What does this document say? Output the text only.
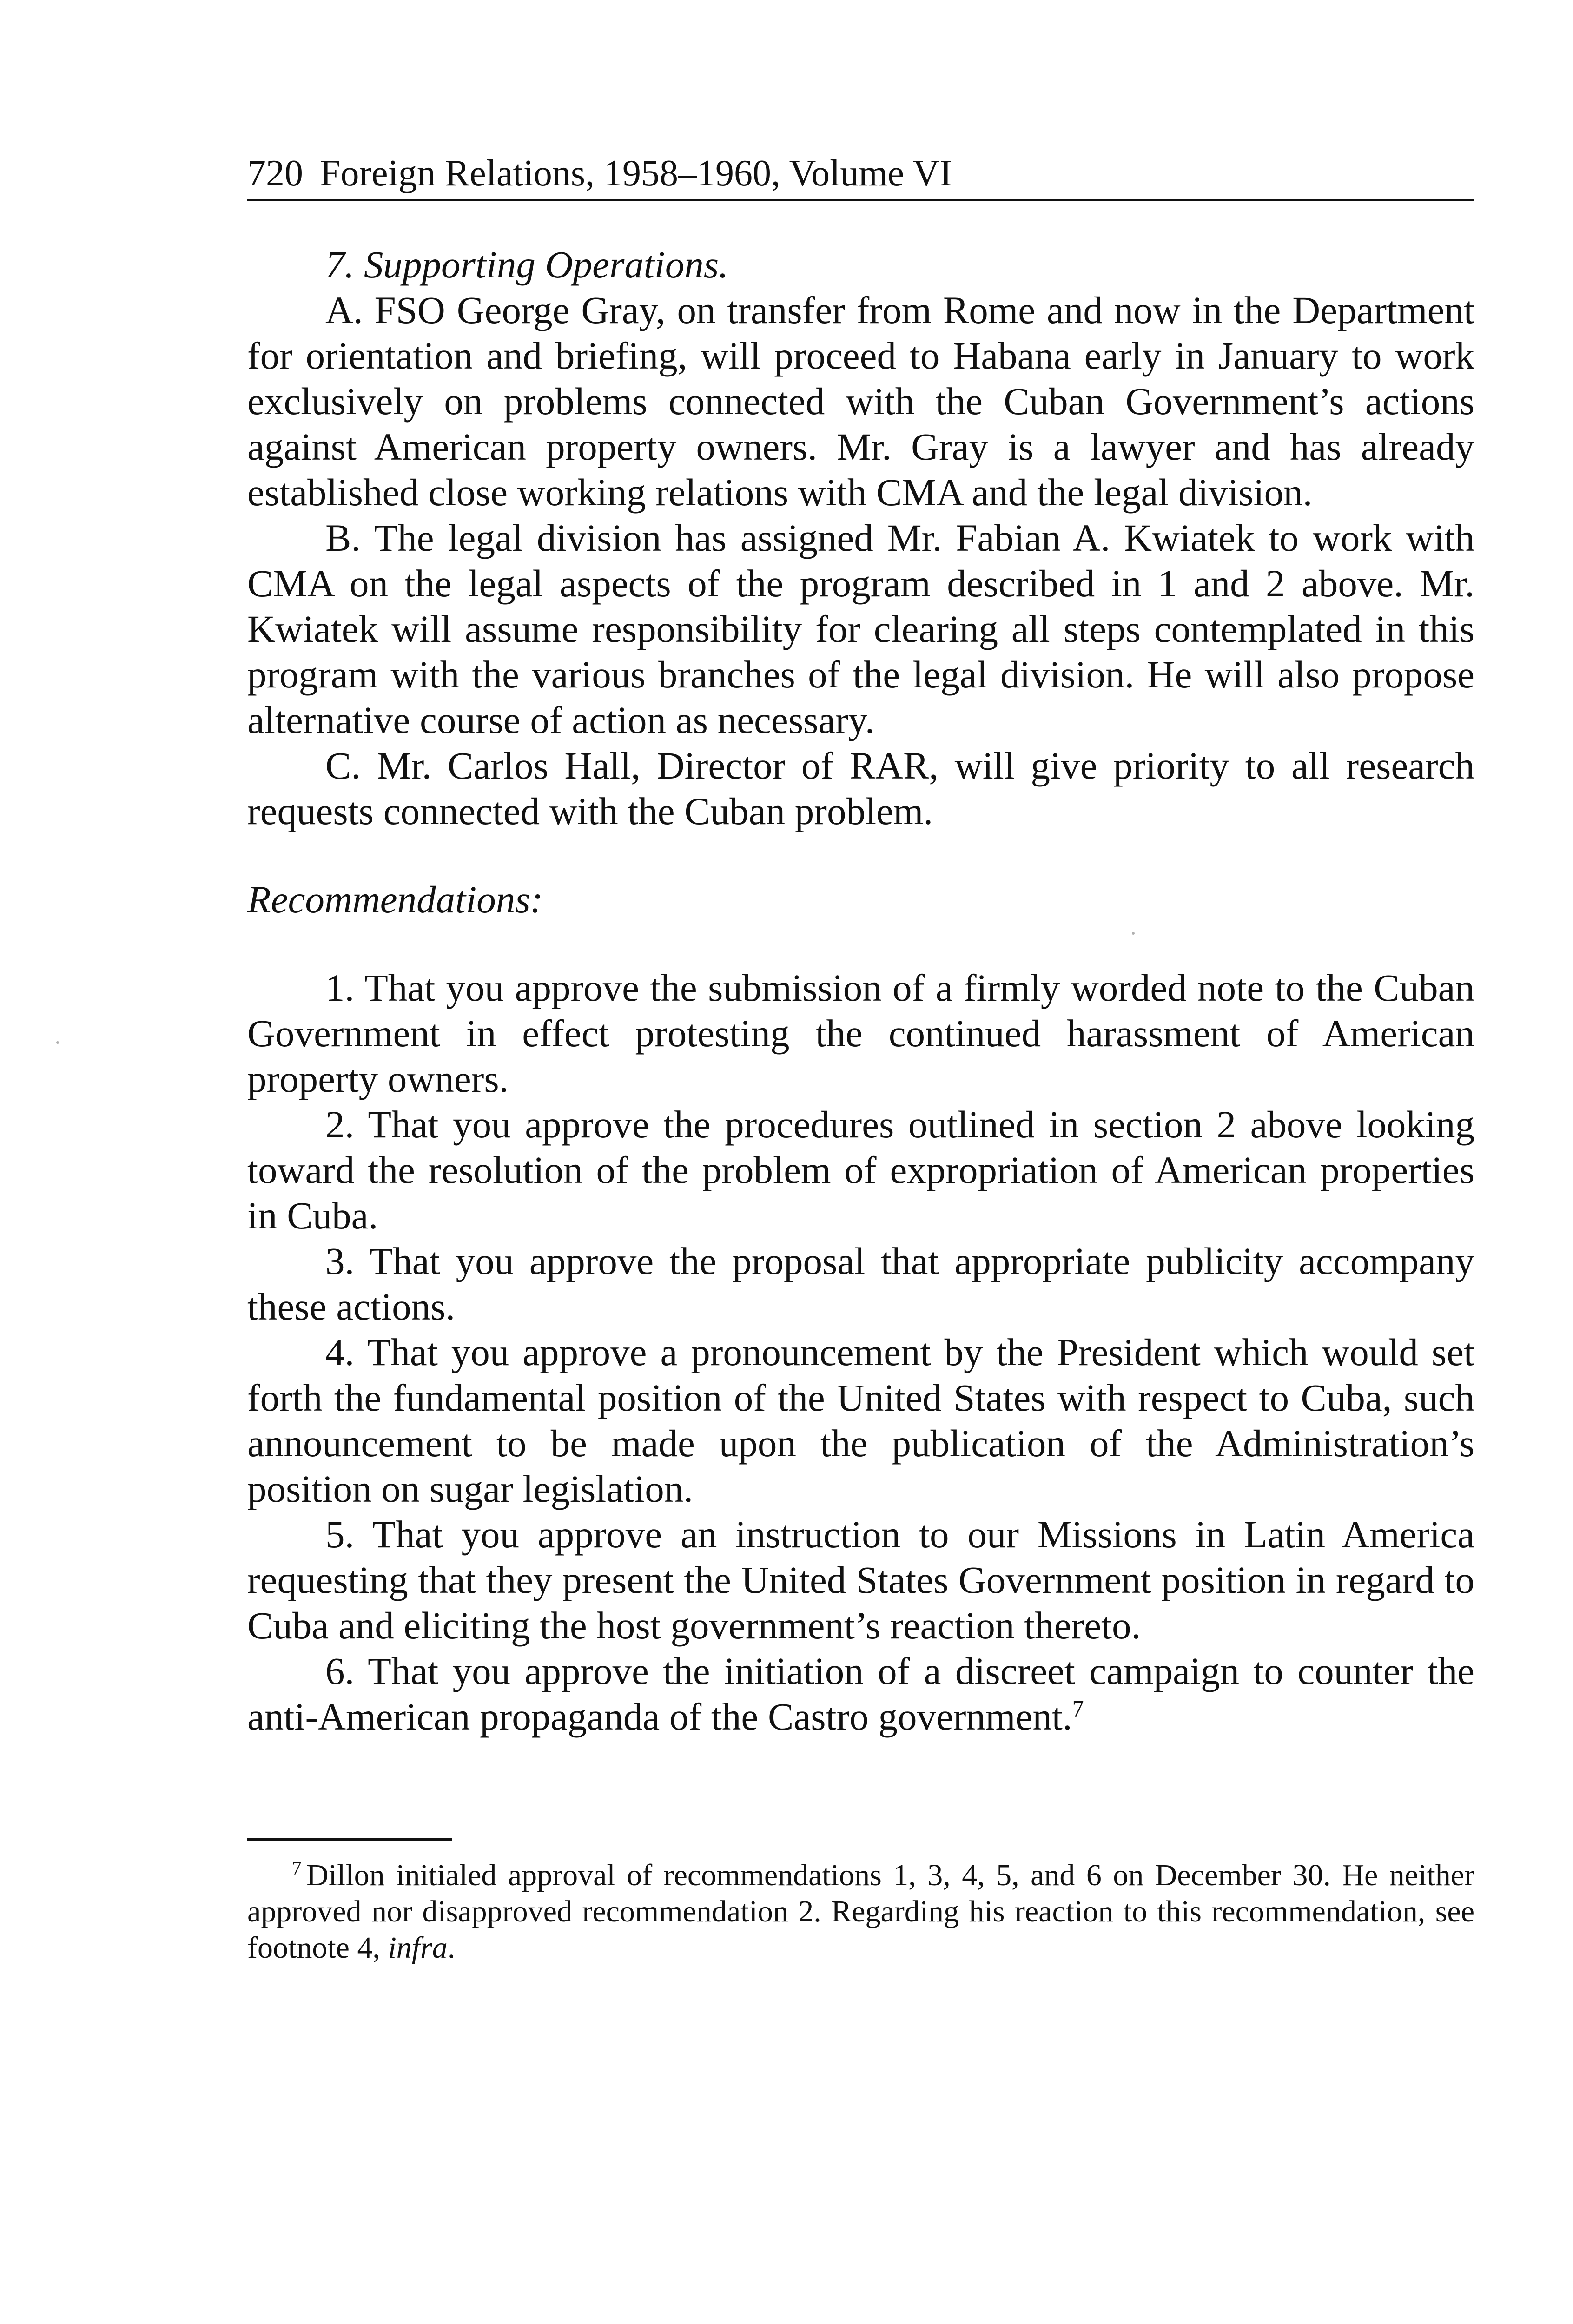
720 Foreign Relations, 1958–1960, Volume VI

7. Supporting Operations.

A. FSO George Gray, on transfer from Rome and now in the Department for orientation and briefing, will proceed to Habana early in January to work exclusively on problems connected with the Cuban Government’s actions against American property owners. Mr. Gray is a lawyer and has already established close working relations with CMA and the legal division.

B. The legal division has assigned Mr. Fabian A. Kwiatek to work with CMA on the legal aspects of the program described in 1 and 2 above. Mr. Kwiatek will assume responsibility for clearing all steps contemplated in this program with the various branches of the legal division. He will also propose alternative course of action as necessary.

C. Mr. Carlos Hall, Director of RAR, will give priority to all research requests connected with the Cuban problem.

Recommendations:

1. That you approve the submission of a firmly worded note to the Cuban Government in effect protesting the continued harassment of American property owners.

2. That you approve the procedures outlined in section 2 above looking toward the resolution of the problem of expropriation of American properties in Cuba.

3. That you approve the proposal that appropriate publicity accompany these actions.

4. That you approve a pronouncement by the President which would set forth the fundamental position of the United States with respect to Cuba, such announcement to be made upon the publication of the Administration’s position on sugar legislation.

5. That you approve an instruction to our Missions in Latin America requesting that they present the United States Government position in regard to Cuba and eliciting the host government’s reaction thereto.

6. That you approve the initiation of a discreet campaign to counter the anti-American propaganda of the Castro government.$^7$

$^7$ Dillon initialed approval of recommendations 1, 3, 4, 5, and 6 on December 30. He neither approved nor disapproved recommendation 2. Regarding his reaction to this recommendation, see footnote 4, infra.
